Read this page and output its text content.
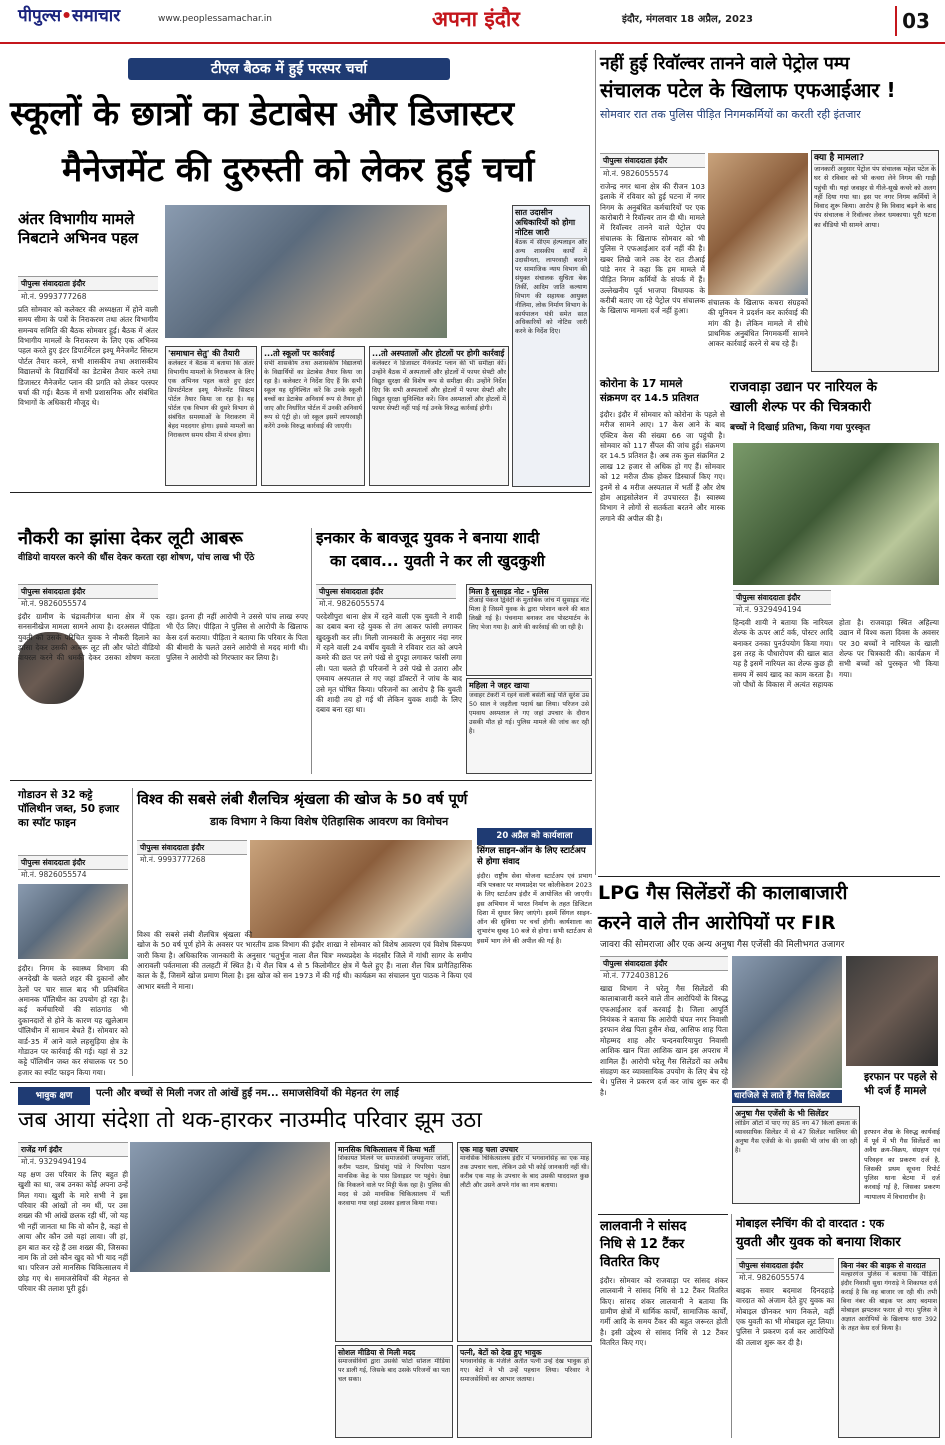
पीपुल्स•समाचार	www.peoplessamachar.in	अपना इंदौर	इंदौर, मंगलवार 18 अप्रैल, 2023	03
टीएल बैठक में हुई परस्पर चर्चा
स्कूलों के छात्रों का डेटाबेस और डिजास्टर
मैनेजमेंट की दुरुस्ती को लेकर हुई चर्चा
अंतर विभागीय मामले निबटाने अभिनव पहल
पीपुल्स संवाददाता इंदौर
मो.नं. 9993777268
प्रति सोमवार को कलेक्टर की अध्यक्षता में होने वाली समय सीमा के पत्रों के निराकरण तथा अंतर विभागीय समन्वय समिति की बैठक सोमवार हुई। बैठक में अंतर विभागीय मामलों के निराकरण के लिए एक अभिनव पहल करते हुए इंटर डिपार्टमेंटल इश्यू मैनेजमेंट सिस्टम पोर्टल तैयार करने, सभी शासकीय तथा अशासकीय विद्यालयों के विद्यार्थियों का डेटाबेस तैयार करने तथा डिजास्टर मैनेजमेंट प्लान की प्रगति को लेकर परस्पर चर्चा की गई। बैठक में सभी प्रशासनिक और संबंधित विभागों के अधिकारी मौजूद थे।
'समाधान सेतु' की तैयारी
कलेक्टर ने बैठक में बताया कि अंतर विभागीय मामलों के निराकरण के लिए एक अभिनव पहल करते हुए इंटर डिपार्टमेंटल इश्यू मैनेजमेंट सिस्टम पोर्टल तैयार किया जा रहा है। यह पोर्टल एक विभाग की दूसरे विभाग से संबंधित समस्याओं के निराकरण में बेहद मददगार होगा। इससे मामलों का निराकरण समय सीमा में संभव होगा।
...तो स्कूलों पर कार्रवाई
सभी शासकीय तथा अशासकीय विद्यालयों के विद्यार्थियों का डेटाबेस तैयार किया जा रहा है। कलेक्टर ने निर्देश दिए हैं कि सभी स्कूल यह सुनिश्चित करें कि उनके स्कूली बच्चों का डेटाबेस अनिवार्य रूप से तैयार हो जाए और निर्धारित पोर्टल में उनकी अनिवार्य रूप से एंट्री हो। जो स्कूल इसमें लापरवाही करेंगे उनके विरुद्ध कार्रवाई की जाएगी।
...तो अस्पतालों और होटलों पर होगी कार्रवाई
कलेक्टर ने डिजास्टर मैनेजमेंट प्लान की भी समीक्षा की। उन्होंने बैठक में अस्पतालों और होटलों में फायर सेफ्टी और विद्युत सुरक्षा की विशेष रूप से समीक्षा की। उन्होंने निर्देश दिए कि सभी अस्पतालों और होटलों में फायर सेफ्टी और विद्युत सुरक्षा सुनिश्चित करें। जिन अस्पतालों और होटलों में फायर सेफ्टी नहीं पाई गई उनके विरुद्ध कार्रवाई होगी।
सात उदासीन अधिकारियों को होगा नोटिस जारी
बैठक में सीएम हेल्पलाइन और अन्य शासकीय कार्यों में उदासीनता, लापरवाही बरतने पर सामाजिक न्याय विभाग की संयुक्त संचालक सुचिता बेक तिर्की, आदिम जाति कल्याण विभाग की सहायक आयुक्त नीलिमा, लोक निर्माण विभाग के कार्यपालन यंत्री समेत सात अधिकारियों को नोटिस जारी करने के निर्देश दिए।
नहीं हुई रिवॉल्वर तानने वाले पेट्रोल पम्प
संचालक पटेल के खिलाफ एफआईआर !
सोमवार रात तक पुलिस पीड़ित निगमकर्मियों का करती रही इंतजार
पीपुल्स संवाददाता इंदौर
मो.नं. 9826055574
राजेन्द्र नगर थाना क्षेत्र की रीजन 103 इलाके में रविवार को हुई घटना में नगर निगम के अनुबंधित कर्मचारियों पर एक कारोबारी ने रिवॉल्वर तान दी थी। मामले में रिवॉल्वर तानने वाले पेट्रोल पंप संचालक के खिलाफ सोमवार को भी पुलिस ने एफआईआर दर्ज नहीं की है। खबर लिखे जाने तक देर रात टीआई पांडे नगर ने कहा कि हम मामले में पीड़ित निगम कर्मियों के संपर्क में हैं। उल्लेखनीय पूर्व भाजपा विधायक के करीबी बताए जा रहे पेट्रोल पंप संचालक के खिलाफ मामला दर्ज नहीं हुआ।
संचालक के खिलाफ कचरा संग्रहकों की यूनियन ने प्रदर्शन कर कार्रवाई की मांग की है। लेकिन मामले में सीधे प्राथमिक अनुबंधित निगमकर्मी सामने आकर कार्रवाई करने से बच रहे हैं।
क्या है मामला?
जानकारी अनुसार पेट्रोल पंप संचालक महेश पटेल के घर से रविवार को भी कचरा लेने निगम की गाड़ी पहुंची थी। यहां जवाहर से गीले-सूखे कचरे को अलग नहीं दिया गया था। इस पर नगर निगम कर्मियों ने विवाद शुरू किया। आरोप है कि विवाद बढ़ने के बाद पंप संचालक ने रिवॉल्वर लेकर धमकाया। पूरी घटना का वीडियो भी सामने आया।
कोरोना के 17 मामले
संक्रमण दर 14.5 प्रतिशत
इंदौर। इंदौर में सोमवार को कोरोना के पहले से मरीज सामने आए। 17 केस आने के बाद एक्टिव केस की संख्या 66 जा पहुंची है। सोमवार को 117 सैंपल की जांच हुई। संक्रमण दर 14.5 प्रतिशत है। अब तक कुल संक्रमित 2 लाख 12 हजार से अधिक हो गए हैं। सोमवार को 12 मरीज ठीक होकर डिस्चार्ज किए गए। इनमें से 4 मरीज अस्पताल में भर्ती हैं और शेष होम आइसोलेशन में उपचाररत हैं। स्वास्थ्य विभाग ने लोगों से सतर्कता बरतने और मास्क लगाने की अपील की है।
राजवाड़ा उद्यान पर नारियल के
खाली शेल्फ पर की चित्रकारी
बच्चों ने दिखाई प्रतिभा, किया गया पुरस्कृत
पीपुल्स संवाददाता इंदौर
मो.नं. 9329494194
हिन्दवी शायी ने बताया कि नारियल शेल्फ के ऊपर आर्ट वर्क, पोस्टर आदि बनाकर उनका पुनर्उपयोग किया गया। इस तरह के पौधारोपण की खाल बात यह है इसमें नारियल का शेल्फ कुछ ही समय में स्वयं खाद का काम करता है। जो पौधों के विकास में अत्यंत सहायक होता है। राजवाड़ा स्थित अहिल्या उद्यान में विश्व कला दिवस के अवसर पर 30 बच्चों ने नारियल के खाली शेल्फ पर चित्रकारी की। कार्यक्रम में सभी बच्चों को पुरस्कृत भी किया गया।
नौकरी का झांसा देकर लूटी आबरू
वीडियो वायरल करने की धौंस देकर करता रहा शोषण, पांच लाख भी ऐंठे
पीपुल्स संवाददाता इंदौर
मो.नं. 9826055574
इंदौर ग्रामीण के चंद्रावतीगंज थाना क्षेत्र में एक सनसनीखेज मामला सामने आया है। दरअसल पीड़िता युवती को उसके परिचित युवक ने नौकरी दिलाने का झांसा देकर उसकी आबरू लूट ली और फोटो वीडियो वायरल करने की धमकी देकर उसका शोषण करता रहा। इतना ही नहीं आरोपी ने उससे पांच लाख रुपए भी ऐंठ लिए। पीड़िता ने पुलिस से आरोपी के खिलाफ केस दर्ज कराया। पीड़िता ने बताया कि परिवार के पिता की बीमारी के चलते उसने आरोपी से मदद मांगी थी। पुलिस ने आरोपी को गिरफ्तार कर लिया है।
इनकार के बावजूद युवक ने बनाया शादी
का दबाव... युवती ने कर ली खुदकुशी
पीपुल्स संवाददाता इंदौर
मो.नं. 9826055574
परदेशीपुरा थाना क्षेत्र में रहने वाली एक युवती ने शादी का दबाव बना रहे युवक से तंग आकर फांसी लगाकर खुदकुशी कर ली। मिली जानकारी के अनुसार नंदा नगर में रहने वाली 24 वर्षीय युवती ने रविवार रात को अपने कमरे की छत पर लगे पंखे से दुपट्टा लगाकर फांसी लगा ली। पता चलते ही परिजनों ने उसे पंखे से उतारा और एमवाय अस्पताल ले गए जहां डॉक्टरों ने जांच के बाद उसे मृत घोषित किया। परिजनों का आरोप है कि युवती की शादी तय हो गई थी लेकिन युवक शादी के लिए दबाव बना रहा था।
मिला है सुसाइड नोट - पुलिस
टीआई पंकज द्विवेदी के मुताबिक जांच में सुसाइड नोट मिला है जिसमें युवक के द्वारा परेशान करने की बात लिखी गई है। पंचनामा बनाकर शव पोस्टमार्टम के लिए भेजा गया है। आगे की कार्रवाई की जा रही है।
महिला ने जहर खाया
जवाहर टेकरी में रहने वाली बसंती बाई पति सुरेश उम्र 50 साल ने जहरीला पदार्थ खा लिया। परिजन उसे एमवाय अस्पताल ले गए जहां उपचार के दौरान उसकी मौत हो गई। पुलिस मामले की जांच कर रही है।
गोडाउन से 32 कट्टे पॉलिथीन जब्त, 50 हजार का स्पॉट फाइन
पीपुल्स संवाददाता इंदौर
मो.नं. 9826055574
इंदौर। निगम के स्वास्थ्य विभाग की अनदेखी के चलते शहर की दुकानों और ठेलों पर चार साल बाद भी प्रतिबंधित अमानक पॉलिथीन का उपयोग हो रहा है। कई कर्मचारियों की सांठगांठ भी दुकानदारों से होने के कारण यह खुलेआम पॉलिथीन में सामान बेचते हैं। सोमवार को वार्ड-35 में आने वाले लहसुड़िया क्षेत्र के गोडाउन पर कार्रवाई की गई। यहां से 32 कट्टे पॉलिथीन जब्त कर संचालक पर 50 हजार का स्पॉट फाइन किया गया।
विश्व की सबसे लंबी शैलचित्र श्रृंखला की खोज के 50 वर्ष पूर्ण
डाक विभाग ने किया विशेष ऐतिहासिक आवरण का विमोचन
पीपुल्स संवाददाता इंदौर
मो.नं. 9993777268
विश्व की सबसे लंबी शैलचित्र श्रृंखला की खोज के 50 वर्ष पूर्ण होने के अवसर पर भारतीय डाक विभाग की इंदौर शाखा ने सोमवार को विशेष आवरण एवं विशेष विरूपण जारी किया है। अधिकारिक जानकारी के अनुसार 'चतुर्भुज नाला शैल चित्र' मध्यप्रदेश के मंदसौर जिले में गांधी सागर के समीप आरावली पर्वतमाला की तलहटी में स्थित है। ये शैल चित्र 4 से 5 किलोमीटर क्षेत्र में फैले हुए हैं। नाला शैल चित्र प्रागैतिहासिक काल के हैं, जिसमें खोज प्रमाण मिला है। इस खोज को सन 1973 में की गई थी। कार्यक्रम का संचालन पुरा पाठक ने किया एवं आभार बस्ती ने माना।
20 अप्रैल को कार्यशाला
सिंगल साइन-ऑन के लिए स्टार्टअप से होगा संवाद
इंदौर। राष्ट्रीय सेवा योजना स्टार्टअप एवं प्रभाग मंत्रि पत्रकार पर मध्यप्रदेश पर कोलीकेशन 2023 के लिए स्टार्टअप इंदौर में आयोजित की जाएगी। इस अभियान में भारत निर्माण के तहत डिजिटल दिशा में सुधार किए जाएंगे। इसमें सिंगल साइन-ऑन की सुविधा पर चर्चा होगी। कार्यशाला का शुभारंभ सुबह 10 बजे से होगा। सभी स्टार्टअप से इसमें भाग लेने की अपील की गई है।
भावुक क्षण	पत्नी और बच्चों से मिली नजर तो आंखें हुईं नम... समाजसेवियों की मेहनत रंग लाई
जब आया संदेशा तो थक-हारकर नाउम्मीद परिवार झूम उठा
राजेंद्र गर्ग इंदौर
मो.नं. 9329494194
यह क्षण उस परिवार के लिए बहुत ही खुशी का था, जब उनका कोई अपना उन्हें मिल गया। खुशी के मारे सभी ने इस परिवार की आंखों तो नम थीं, पर उस शख्स की भी आंखें छलक रही थीं, जो यह भी नहीं जानता था कि वो कौन है, कहां से आया और कौन उसे यहां लाया। जी हां, हम बात कर रहे हैं उस शख्स की, जिसका नाम कि तो उसे कौन खुद को भी याद नहीं था। परिजन उसे मानसिक चिकित्सालय में छोड़ गए थे। समाजसेवियों की मेहनत से परिवार की तलाश पूरी हुई।
मानसिक चिकित्सालय में किया भर्ती
शिकायत मिलने पर समाजसेवी जयकुमार जोशी, करीम पठान, प्रियांशु पांडे ने पिपरिया पठान मानसिक केंद्र के पास डिवाइडर पर पहुंचे। देखा कि निकलने वाले पर मिट्टी फेंक रहा है। पुलिस की मदद से उसे मानसिक चिकित्सालय में भर्ती करवाया गया जहां उसका इलाज किया गया।
सोशल मीडिया से मिली मदद
समाजसेवियों द्वारा उसकी फोटो सोशल मीडिया पर डाली गई, जिसके बाद उसके परिजनों का पता चल सका।
एक माह चला उपचार
मानसिक चिकित्सालय इंदौर में भगवानसिंह का एक माह तक उपचार चला, लेकिन उसे भी कोई जानकारी नहीं थी। करीब एक माह के उपचार के बाद उसकी याददाश्त कुछ लौटी और उसने अपने गांव का नाम बताया।
पत्नी, बेटों को देख हुए भावुक
भगवानसिंह के मंजीले अतीत पत्नी उन्हें देख भावुक हो गए। बेटों ने भी उन्हें पहचान लिया। परिवार ने समाजसेवियों का आभार जताया।
LPG गैस सिलेंडरों की कालाबाजारी
करने वाले तीन आरोपियों पर FIR
जावरा की सोमराजा और एक अन्य अनुषा गैस एजेंसी की मिलीभगत उजागर
पीपुल्स संवाददाता इंदौर
मो.नं. 7724038126
खाद्य विभाग ने घरेलू गैस सिलेंडरों की कालाबाजारी करने वाले तीन आरोपियों के विरुद्ध एफआईआर दर्ज करवाई है। जिला आपूर्ति नियंत्रक ने बताया कि आरोपी चंपत नगर निवासी इरफान शेख पिता हुसैन शेख, आसिफ शाह पिता मोहम्मद शाह और चन्दनवारियापुरा निवासी आशिक खान पिता आशिक खान इस अपराध में शामिल हैं। आरोपी घरेलू गैस सिलेंडरों का अवैध संग्रहण कर व्यावसायिक उपयोग के लिए बेच रहे थे। पुलिस ने प्रकरण दर्ज कर जांच शुरू कर दी है।	धारजिले से लाते हैं गैस सिलेंडर
इरफान पर पहले से भी दर्ज हैं मामले
इरफान शेख के विरुद्ध कार्यवाई में पूर्व में भी गैस सिलेंडरों का अवैध क्रय-विक्रय, संग्रहण एवं परिवहन का प्रकरण दर्ज है, जिसकी प्रथम सूचना रिपोर्ट पुलिस थाना बेटमा में दर्ज करवाई गई है, जिसका प्रकरण न्यायालय में विचाराधीन है।
अनुषा गैस एजेंसी के भी सिलेंडर
लोडिंग ऑटो में पाए गए 85 नग 47 किलो क्षमता के व्यावसायिक सिलेंडर में से 47 सिलेंडर ग्वालियर की अनुषा गैस एजेंसी के थे। इसकी भी जांच की जा रही है।
लालवानी ने सांसद
निधि से 12 टैंकर
वितरित किए
इंदौर। सोमवार को राजवाड़ा पर सांसद शंकर लालवानी ने सांसद निधि से 12 टैंकर वितरित किए। सांसद शंकर लालवानी ने बताया कि ग्रामीण क्षेत्रों में धार्मिक कार्यों, सामाजिक कार्यों, गर्मी आदि के समय टैंकर की बहुत जरूरत होती है। इसी उद्देश्य से सांसद निधि से 12 टैंकर वितरित किए गए।
मोबाइल स्नैचिंग की दो वारदात : एक
युवती और युवक को बनाया शिकार
पीपुल्स संवाददाता इंदौर
मो.नं. 9826055574
बाइक सवार बदमाश दिनदहाड़े वारदात को अंजाम देते हुए युवक का मोबाइल छीनकर भाग निकले, वहीं एक युवती का भी मोबाइल लूट लिया। पुलिस ने प्रकरण दर्ज कर आरोपियों की तलाश शुरू कर दी है।
बिना नंबर की बाइक से वारदात
मल्हारगंज पुलिस ने बताया कि पीड़िता इंदौर निवासी सुधा गंगराड़े ने शिकायत दर्ज कराई है कि वह बाजार जा रही थी। तभी बिना नंबर की बाइक पर आए बदमाश मोबाइल झपटकर फरार हो गए। पुलिस ने अज्ञात आरोपियों के खिलाफ धारा 392 के तहत केस दर्ज किया है।
